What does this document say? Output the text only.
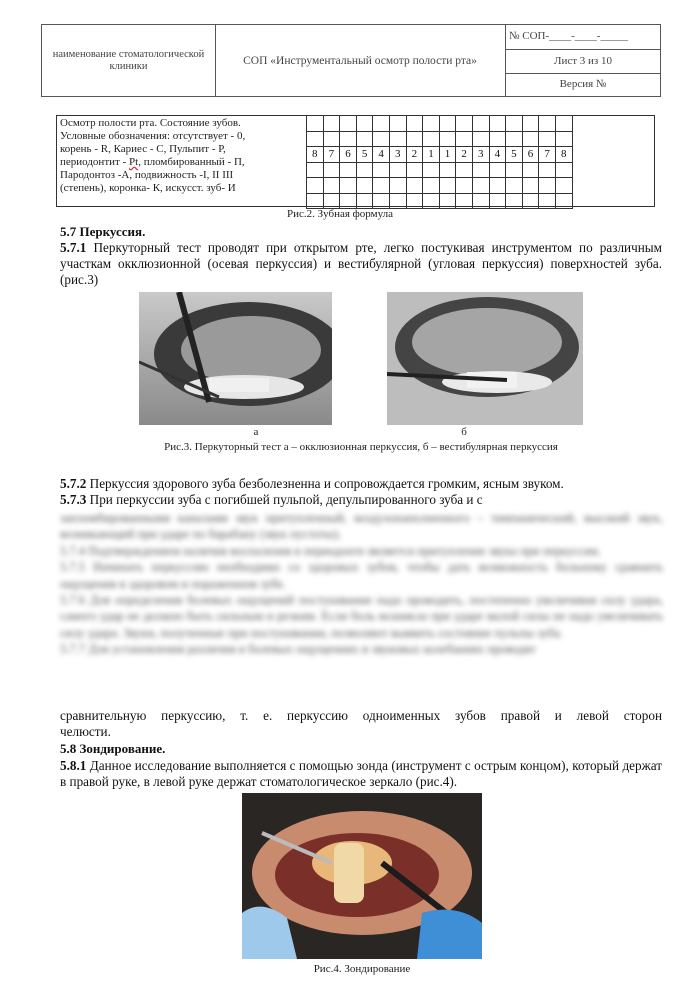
наименование стоматологической клиники	СОП «Инструментальный осмотр полости рта»
№ СОП-____-____-_____
Лист 3 из 10
Версия №
Осмотр полости рта. Состояние зубов.
Условные обозначения: отсутствует - 0,
корень - R, Кариес - С, Пульпит - Р,
периодонтит - Pt, пломбированный - П,
Пародонтоз -А, подвижность -I, II III
(степень), коронка- К, искусст. зуб- И

8	7	6	5	4	3	2	1	1	2	3	4	5	6	7	8

Рис.2. Зубная формула
5.7 Перкуссия.
5.7.1 Перкуторный тест проводят при открытом рте, легко постукивая инструментом по различным участкам окклюзионной (осевая перкуссия) и вестибулярной (угловая перкуссия) поверхностей зуба. (рис.3)
а	б
Рис.3. Перкуторный тест а – окклюзионная перкуссия, б – вестибулярная перкуссия
5.7.2 Перкуссия здорового зуба безболезненна и сопровождается громким, ясным звуком.
5.7.3 При перкуссии зуба с погибшей пульпой, депульпированного зуба и с
запломбированными каналами звук притупленный, воздухонаполненного – тимпанический, высокий звук, возникающий при ударе по барабану (звук пустоты).
5.7.4 Подтверждением наличия воспаления в периодонте является притупление звука при перкуссии.
5.7.5 Начинать перкуссию необходимо со здоровых зубов, чтобы дать возможность больному сравнить ощущения в здоровом и пораженном зубе.
5.7.6 Для определения болевых ощущений постукивание надо проводить, постепенно увеличивая силу удара, самого удар не должно быть сильным и резким. Если боль возникла при ударе малой силы не надо увеличивать силу удара. Звуки, полученные при постукивании, позволяют выявить состояние пульпы зуба.
5.7.7 Для установления различия в болевых ощущениях и звуковых колебаниях проводят
сравнительную перкуссию, т. е. перкуссию одноименных зубов правой и левой сторон
челюсти.
5.8 Зондирование.
5.8.1 Данное исследование выполняется с помощью зонда (инструмент с острым концом), который держат в правой руке, в левой руке держат стоматологическое зеркало (рис.4).
Рис.4. Зондирование
